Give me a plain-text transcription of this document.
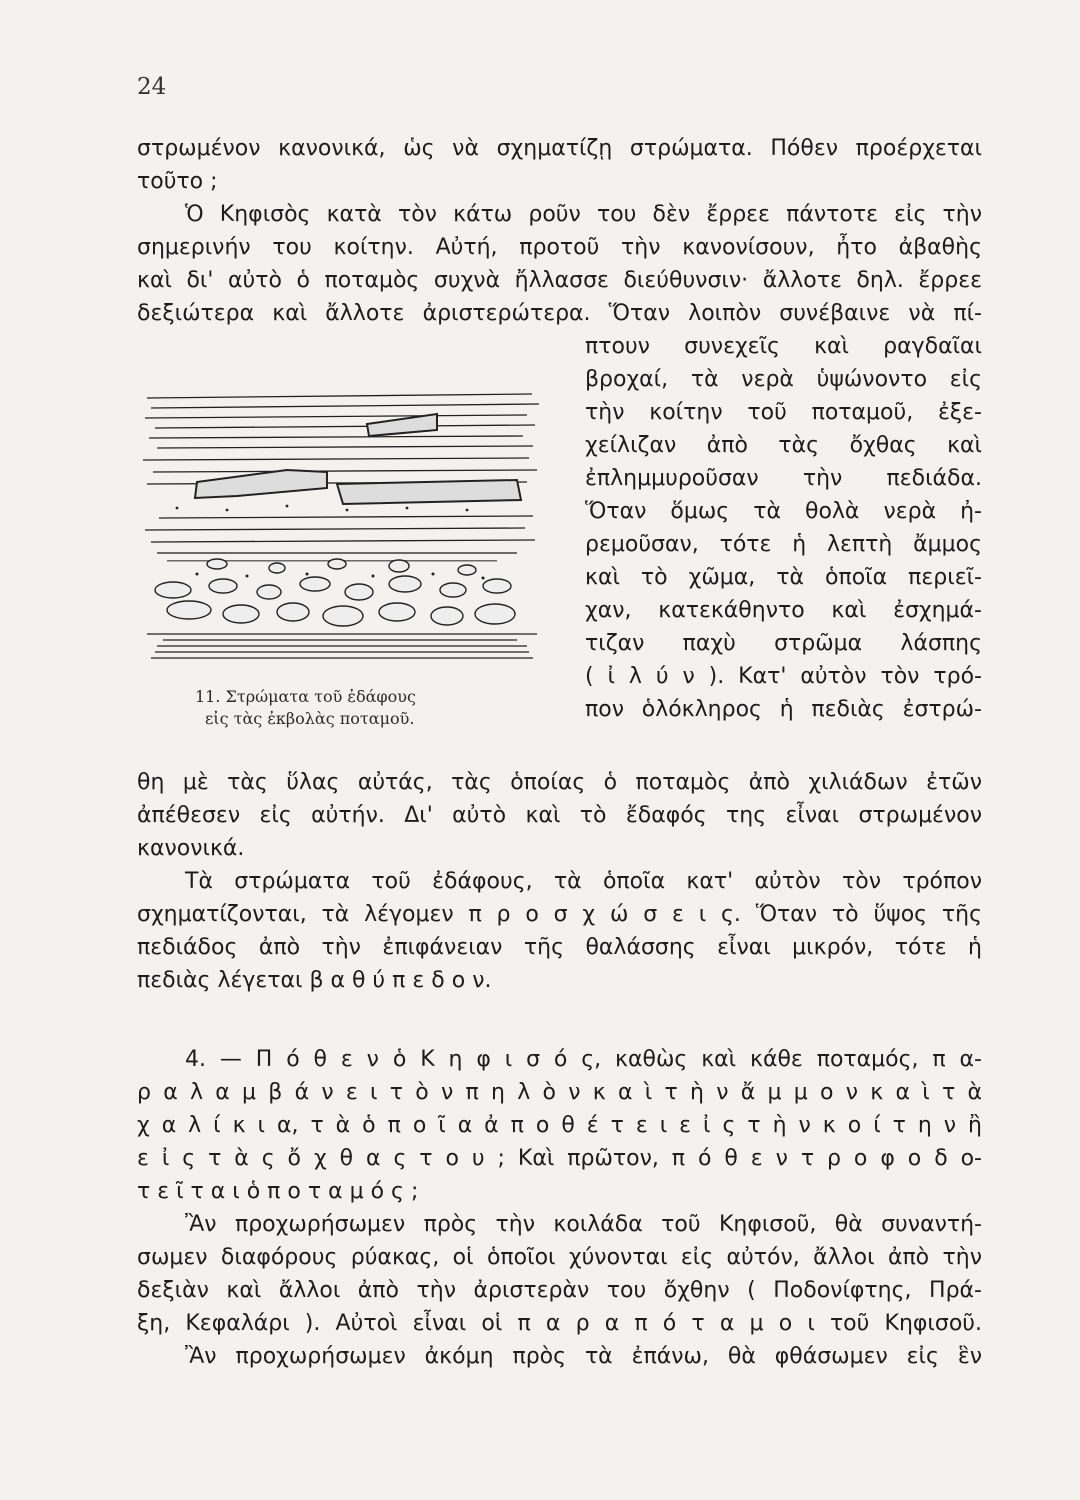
24
στρωμένον κανονικά, ὡς νὰ σχηματίζῃ στρώματα. Πόθεν προέρχεται
τοῦτο ;
Ὁ Κηφισὸς κατὰ τὸν κάτω ροῦν του δὲν ἔρρεε πάντοτε εἰς τὴν
σημερινήν του κοίτην. Αὐτή, προτοῦ τὴν κανονίσουν, ἦτο ἀβαθὴς
καὶ δι' αὐτὸ ὁ ποταμὸς συχνὰ ἤλλασσε διεύθυνσιν· ἄλλοτε δηλ. ἔρρεε
δεξιώτερα καὶ ἄλλοτε ἀριστερώτερα. Ὅταν λοιπὸν συνέβαινε νὰ πί-
πτουν συνεχεῖς καὶ ραγδαῖαι
βροχαί, τὰ νερὰ ὑψώνοντο εἰς
τὴν κοίτην τοῦ ποταμοῦ, ἐξε-
χείλιζαν ἀπὸ τὰς ὄχθας καὶ
ἐπλημμυροῦσαν τὴν πεδιάδα.
Ὅταν ὅμως τὰ θολὰ νερὰ ἠ-
ρεμοῦσαν, τότε ἡ λεπτὴ ἄμμος
καὶ τὸ χῶμα, τὰ ὁποῖα περιεῖ-
χαν, κατεκάθηντο καὶ ἐσχημά-
τιζαν παχὺ στρῶμα λάσπης
( ἰ λ ύ ν ). Κατ' αὐτὸν τὸν τρό-
πον ὁλόκληρος ἡ πεδιὰς ἐστρώ-
11. Στρώματα τοῦ ἐδάφους
εἰς τὰς ἐκβολὰς ποταμοῦ.
θη μὲ τὰς ὕλας αὐτάς, τὰς ὁποίας ὁ ποταμὸς ἀπὸ χιλιάδων ἐτῶν
ἀπέθεσεν εἰς αὐτήν. Δι' αὐτὸ καὶ τὸ ἔδαφός της εἶναι στρωμένον
κανονικά.
Τὰ στρώματα τοῦ ἐδάφους, τὰ ὁποῖα κατ' αὐτὸν τὸν τρόπον
σχηματίζονται, τὰ λέγομεν π ρ ο σ χ ώ σ ε ι ς. Ὅταν τὸ ὕψος τῆς
πεδιάδος ἀπὸ τὴν ἐπιφάνειαν τῆς θαλάσσης εἶναι μικρόν, τότε ἡ
πεδιὰς λέγεται β α θ ύ π ε δ ο ν.
4. — Π ό θ ε ν ὁ Κ η φ ι σ ό ς, καθὼς καὶ κάθε ποταμός, π α-
ρ α λ α μ β ά ν ε ι τ ὸ ν π η λ ὸ ν κ α ὶ τ ὴ ν ἄ μ μ ο ν κ α ὶ τ ὰ
χ α λ ί κ ι α, τ ὰ ὁ π ο ῖ α ἀ π ο θ έ τ ε ι ε ἰ ς τ ὴ ν κ ο ί τ η ν ἢ
ε ἰ ς τ ὰ ς ὄ χ θ α ς τ ο υ ; Καὶ πρῶτον, π ό θ ε ν τ ρ ο φ ο δ ο-
τ ε ῖ τ α ι ὁ π ο τ α μ ό ς ;
Ἂν προχωρήσωμεν πρὸς τὴν κοιλάδα τοῦ Κηφισοῦ, θὰ συναντή-
σωμεν διαφόρους ρύακας, οἱ ὁποῖοι χύνονται εἰς αὐτόν, ἄλλοι ἀπὸ τὴν
δεξιὰν καὶ ἄλλοι ἀπὸ τὴν ἀριστερὰν του ὄχθην ( Ποδονίφτης, Πρά-
ξη, Κεφαλάρι ). Αὐτοὶ εἶναι οἱ π α ρ α π ό τ α μ ο ι τοῦ Κηφισοῦ.
Ἂν προχωρήσωμεν ἀκόμη πρὸς τὰ ἐπάνω, θὰ φθάσωμεν εἰς ἓν
